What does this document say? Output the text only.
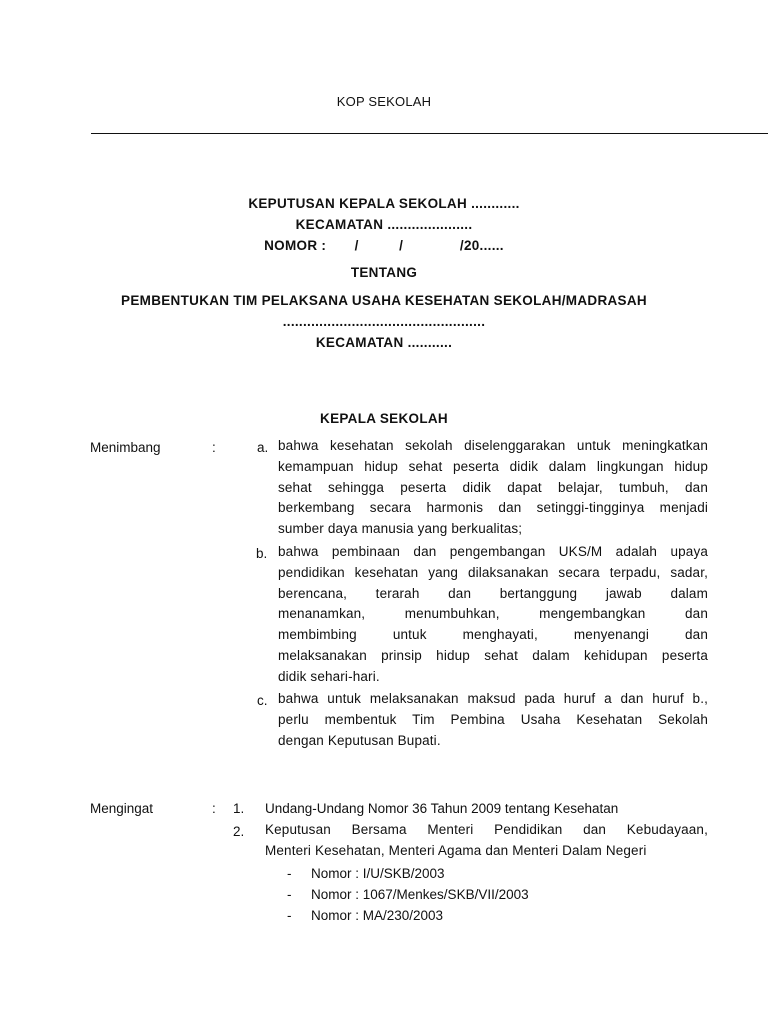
KOP SEKOLAH
KEPUTUSAN KEPALA SEKOLAH ............
KECAMATAN .....................
NOMOR :       /          /              /20......
TENTANG
PEMBENTUKAN TIM PELAKSANA USAHA KESEHATAN SEKOLAH/MADRASAH
..................................................
KECAMATAN ...........
KEPALA SEKOLAH
Menimbang	:	a. bahwa kesehatan sekolah diselenggarakan untuk meningkatkan
kemampuan hidup sehat peserta didik dalam lingkungan hidup
sehat sehingga peserta didik dapat belajar, tumbuh, dan
berkembang secara harmonis dan setinggi-tingginya menjadi
sumber daya manusia yang berkualitas;
b. bahwa pembinaan dan pengembangan UKS/M adalah upaya
pendidikan kesehatan yang dilaksanakan secara terpadu, sadar,
berencana, terarah dan bertanggung jawab dalam
menanamkan, menumbuhkan, mengembangkan dan
membimbing untuk menghayati, menyenangi dan
melaksanakan prinsip hidup sehat dalam kehidupan peserta
didik sehari-hari.
c. bahwa untuk melaksanakan maksud pada huruf a dan huruf b.,
perlu membentuk Tim Pembina Usaha Kesehatan Sekolah
dengan Keputusan Bupati.
Mengingat	: 1. Undang-Undang Nomor 36 Tahun 2009 tentang Kesehatan
2. Keputusan Bersama Menteri Pendidikan dan Kebudayaan,
Menteri Kesehatan, Menteri Agama dan Menteri Dalam Negeri
- Nomor : I/U/SKB/2003
- Nomor : 1067/Menkes/SKB/VII/2003
- Nomor : MA/230/2003
